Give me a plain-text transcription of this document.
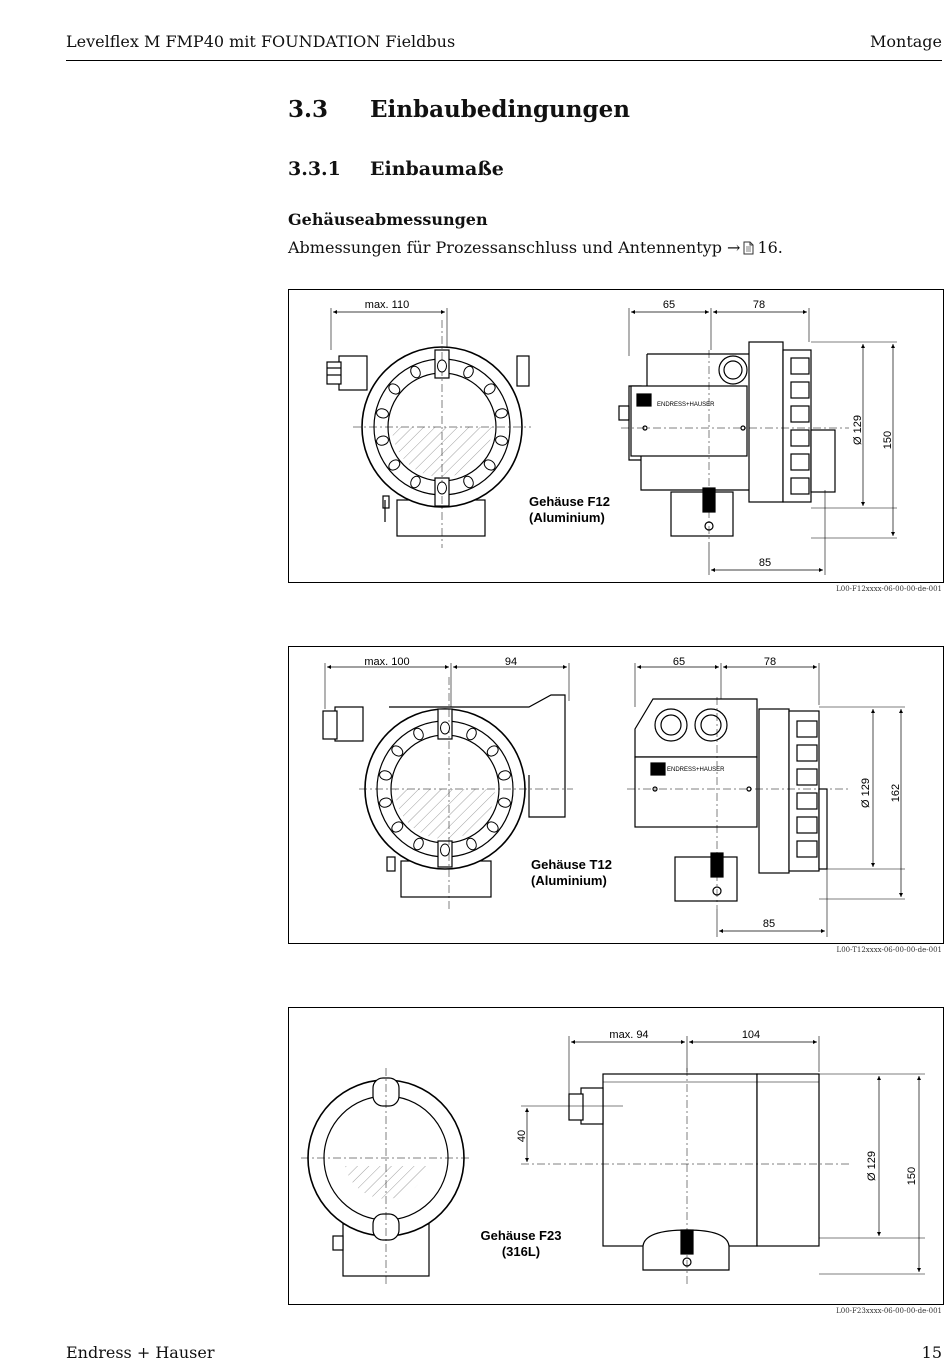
Levelflex M FMP40 mit FOUNDATION Fieldbus	Montage
3.3 Einbaubedingungen
3.3.1 Einbaumaße
Gehäuseabmessungen
Abmessungen für Prozessanschluss und Antennentyp → 16.
max. 110
Gehäuse F12
(Aluminium)
ENDRESS+HAUSER
65	78
Ø 129 150
85
L00-F12xxxx-06-00-00-de-001
max. 100	94
Gehäuse T12
(Aluminium)
ENDRESS+HAUSER
65	78
Ø 129 162
85
L00-T12xxxx-06-00-00-de-001
Gehäuse F23
(316L)
max. 94	104
40
Ø 129	150
L00-F23xxxx-06-00-00-de-001
Endress + Hauser	15
